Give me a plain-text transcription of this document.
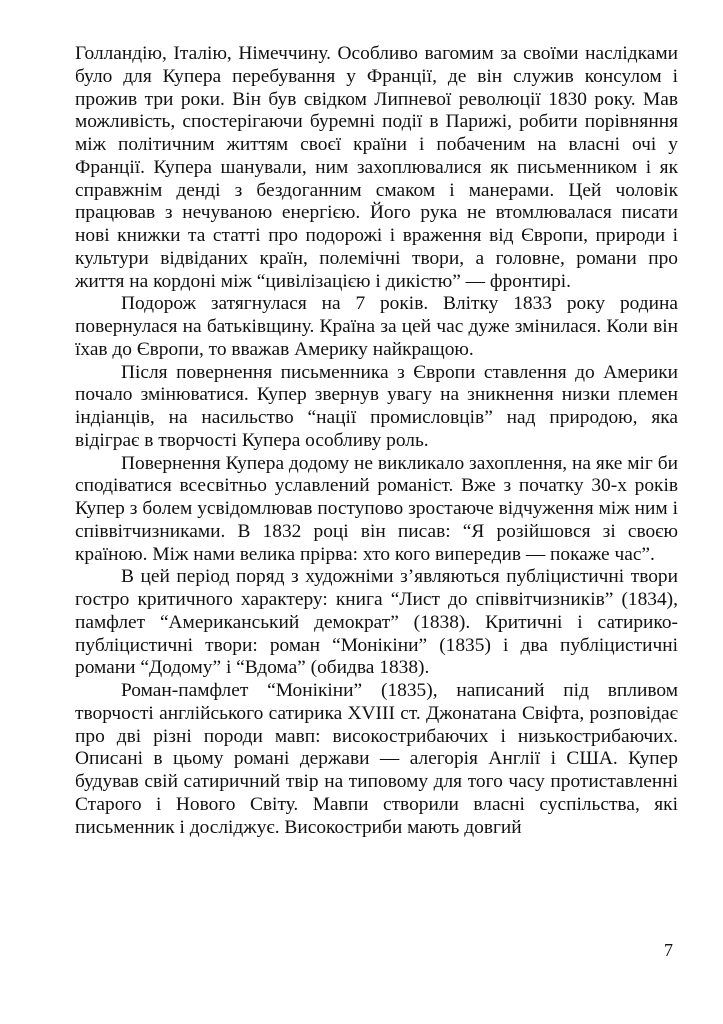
Голландію, Італію, Німеччину. Особливо вагомим за своїми наслідками було для Купера перебування у Франції, де він служив консулом і прожив три роки. Він був свідком Липневої революції 1830 року. Мав можливість, спостерігаючи буремні події в Парижі, робити порівняння між політичним життям своєї країни і побаченим на власні очі у Франції. Купера шанували, ним захоплювалися як письменником і як справжнім денді з бездоганним смаком і манерами. Цей чоловік працював з нечуваною енергією. Його рука не втомлювалася писати нові книжки та статті про подорожі і враження від Європи, природи і культури відвіданих країн, полемічні твори, а головне, романи про життя на кордоні між “цивілізацією і дикістю” — фронтирі.

Подорож затягнулася на 7 років. Влітку 1833 року родина повернулася на батьківщину. Країна за цей час дуже змінилася. Коли він їхав до Європи, то вважав Америку найкращою.

Після повернення письменника з Європи ставлення до Америки почало змінюватися. Купер звернув увагу на зникнення низки племен індіанців, на насильство “нації промисловців” над природою, яка відіграє в творчості Купера особливу роль.

Повернення Купера додому не викликало захоплення, на яке міг би сподіватися всесвітньо уславлений романіст. Вже з початку 30-х років Купер з болем усвідомлював поступово зростаюче відчуження між ним і співвітчизниками. В 1832 році він писав: “Я розійшовся зі своєю країною. Між нами велика прірва: хто кого випередив — покаже час”.

В цей період поряд з художніми з’являються публіцистичні твори гостро критичного характеру: книга “Лист до співвітчизників” (1834), памфлет “Американський демократ” (1838). Критичні і сатирико-публіцистичні твори: роман “Монікіни” (1835) і два публіцистичні романи “Додому” і “Вдома” (обидва 1838).

Роман-памфлет “Монікіни” (1835), написаний під впливом творчості англійського сатирика XVIII ст. Джонатана Свіфта, розповідає про дві різні породи мавп: високострибаючих і низькострибаючих. Описані в цьому романі держави — алегорія Англії і США. Купер будував свій сатиричний твір на типовому для того часу протиставленні Старого і Нового Світу. Мавпи створили власні суспільства, які письменник і досліджує. Високостриби мають довгий

7
